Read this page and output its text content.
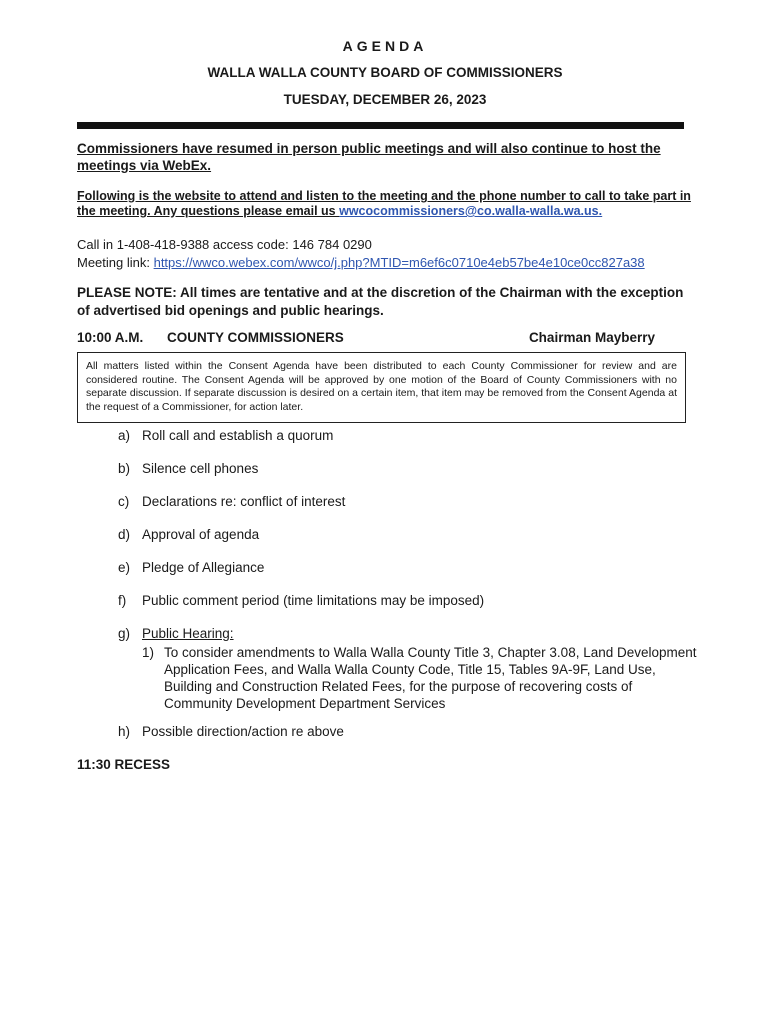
AGENDA
WALLA WALLA COUNTY BOARD OF COMMISSIONERS
TUESDAY, DECEMBER 26, 2023
Commissioners have resumed in person public meetings and will also continue to host the meetings via WebEx.
Following is the website to attend and listen to the meeting and the phone number to call to take part in the meeting. Any questions please email us wwcocommissioners@co.walla-walla.wa.us.
Call in 1-408-418-9388 access code: 146 784 0290
Meeting link: https://wwco.webex.com/wwco/j.php?MTID=m6ef6c0710e4eb57be4e10ce0cc827a38
PLEASE NOTE: All times are tentative and at the discretion of the Chairman with the exception of advertised bid openings and public hearings.
10:00 A.M. COUNTY COMMISSIONERS	Chairman Mayberry
All matters listed within the Consent Agenda have been distributed to each County Commissioner for review and are considered routine. The Consent Agenda will be approved by one motion of the Board of County Commissioners with no separate discussion. If separate discussion is desired on a certain item, that item may be removed from the Consent Agenda at the request of a Commissioner, for action later.
a) Roll call and establish a quorum
b) Silence cell phones
c) Declarations re: conflict of interest
d) Approval of agenda
e) Pledge of Allegiance
f) Public comment period (time limitations may be imposed)
g) Public Hearing:
1) To consider amendments to Walla Walla County Title 3, Chapter 3.08, Land Development Application Fees, and Walla Walla County Code, Title 15, Tables 9A-9F, Land Use, Building and Construction Related Fees, for the purpose of recovering costs of Community Development Department Services
h) Possible direction/action re above
11:30 RECESS
